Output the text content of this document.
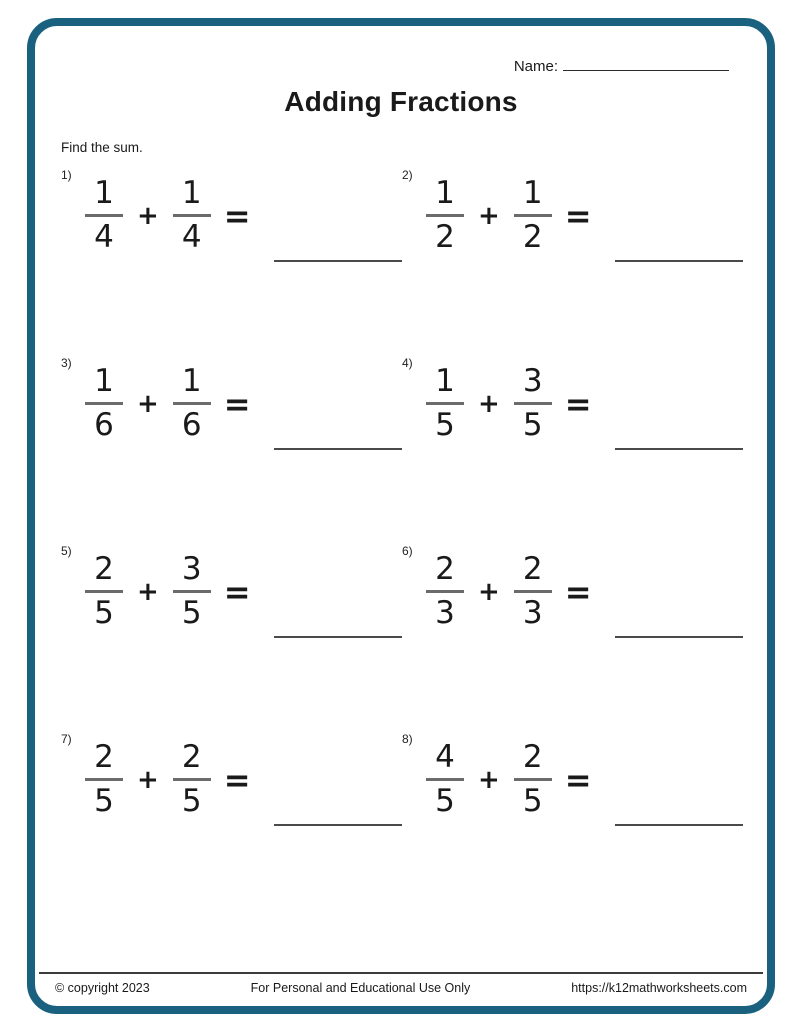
Name:
Adding Fractions
Find the sum.
1)
$\frac{1}{4} + \frac{1}{4}$ =
2)
$\frac{1}{2} + \frac{1}{2}$ =
3)
$\frac{1}{6} + \frac{1}{6}$ =
4)
$\frac{1}{5} + \frac{3}{5}$ =
5)
$\frac{2}{5} + \frac{3}{5}$ =
6)
$\frac{2}{3} + \frac{2}{3}$ =
7)
$\frac{2}{5} + \frac{2}{5}$ =
8)
$\frac{4}{5} + \frac{2}{5}$ =
© copyright 2023	For Personal and Educational Use Only	https://k12mathworksheets.com
